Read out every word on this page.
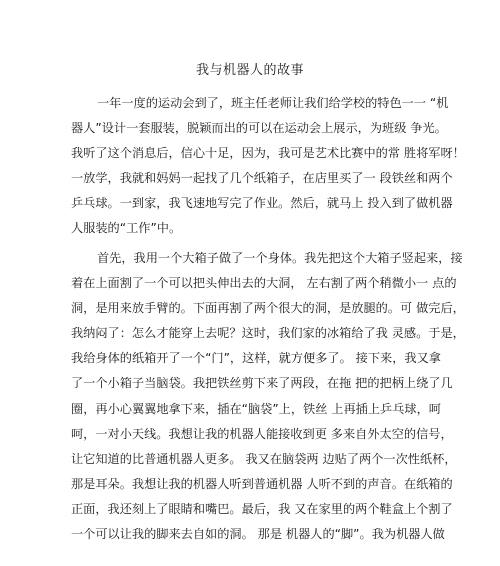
我与机器人的故事
一年一度的运动会到了，班主任老师让我们给学校的特色一一 “机
器人”设计一套服装，脱颖而出的可以在运动会上展示，为班级 争光。
我听了这个消息后，信心十足，因为，我可是艺术比赛中的常 胜将军呀！
一放学，我就和妈妈一起找了几个纸箱子，在店里买了一 段铁丝和两个
乒乓球。一到家，我飞速地写完了作业。然后，就马上 投入到了做机器
人服装的“工作”中。
首先，我用一个大箱子做了一个身体。我先把这个大箱子竖起来，接
着在上面割了一个可以把头伸出去的大洞， 左右割了两个稍微小一 点的
洞，是用来放手臂的。下面再割了两个很大的洞，是放腿的。可 做完后，
我纳闷了：怎么才能穿上去呢？这时，我们家的冰箱给了我 灵感。于是，
我给身体的纸箱开了一个“门”，这样，就方便多了。 接下来，我又拿
了一个小箱子当脑袋。我把铁丝剪下来了两段，在拖 把的把柄上绕了几
圈，再小心翼翼地拿下来，插在“脑袋”上，铁丝 上再插上乒乓球，呵
呵，一对小天线。我想让我的机器人能接收到更 多来自外太空的信号，
让它知道的比普通机器人更多。 我又在脑袋两 边贴了两个一次性纸杯，
那是耳朵。我想让我的机器人听到普通机器 人听不到的声音。在纸箱的
正面，我还刻上了眼睛和嘴巴。最后，我 又在家里的两个鞋盒上个割了
一个可以让我的脚来去自如的洞。 那是 机器人的“脚”。我为机器人做
